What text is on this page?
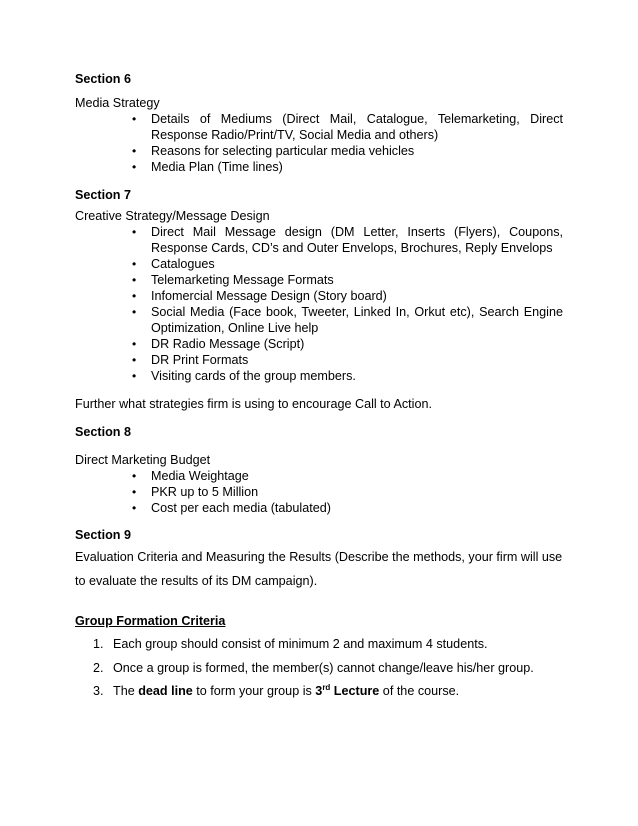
Section 6
Media Strategy
• Details of Mediums (Direct Mail, Catalogue, Telemarketing, Direct Response Radio/Print/TV, Social Media and others)
• Reasons for selecting particular media vehicles
• Media Plan (Time lines)
Section 7
Creative Strategy/Message Design
• Direct Mail Message design (DM Letter, Inserts (Flyers), Coupons, Response Cards, CD’s and Outer Envelops, Brochures, Reply Envelops
• Catalogues
• Telemarketing Message Formats
• Infomercial Message Design (Story board)
• Social Media (Face book, Tweeter, Linked In, Orkut etc), Search Engine Optimization, Online Live help
• DR Radio Message (Script)
• DR Print Formats
• Visiting cards of the group members.
Further what strategies firm is using to encourage Call to Action.
Section 8
Direct Marketing Budget
• Media Weightage
• PKR up to 5 Million
• Cost per each media (tabulated)
Section 9
Evaluation Criteria and Measuring the Results (Describe the methods, your firm will use to evaluate the results of its DM campaign).
Group Formation Criteria
1. Each group should consist of minimum 2 and maximum 4 students.
2. Once a group is formed, the member(s) cannot change/leave his/her group.
3. The dead line to form your group is 3rd Lecture of the course.
